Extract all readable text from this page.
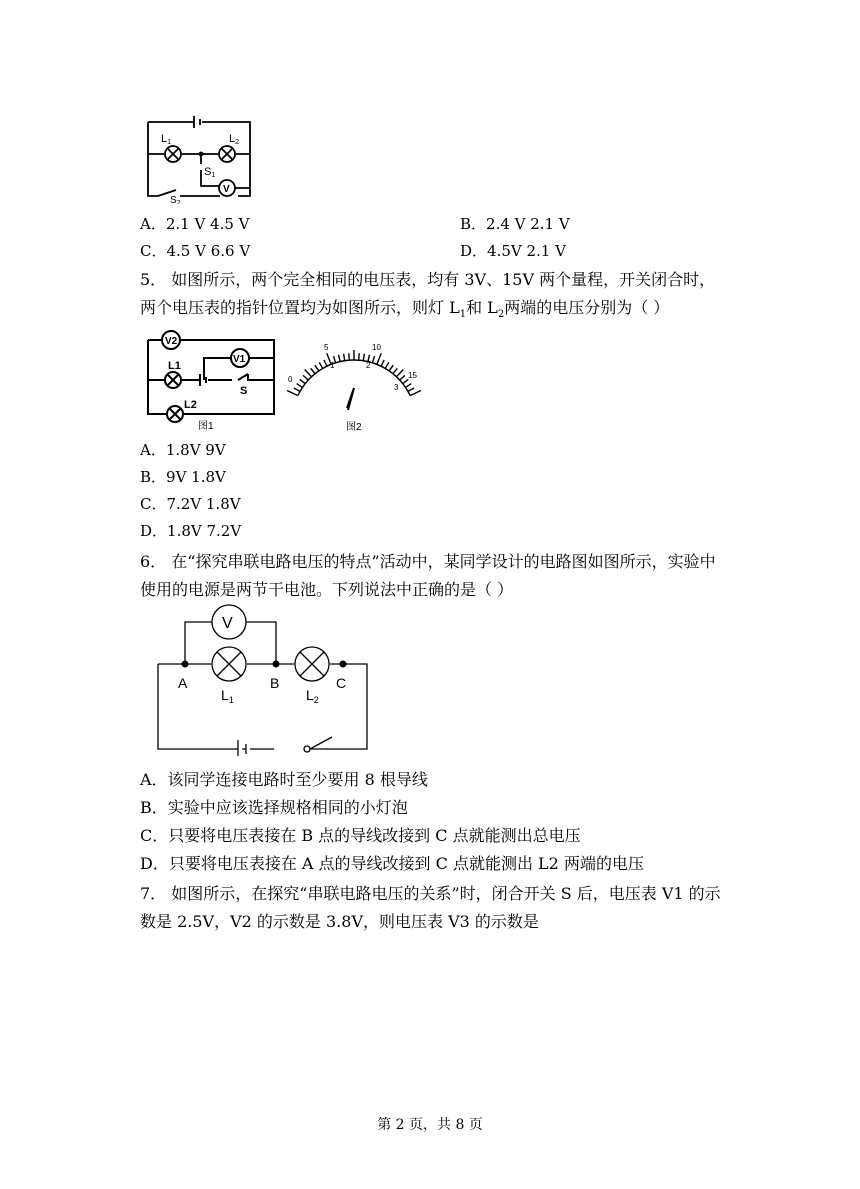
L1	L2
S1
$S_2$
V
A．2.1 V 4.5 V	B．2.4 V 2.1 V
C．4.5 V 6.6 V	D．4.5V 2.1 V
5． 如图所示，两个完全相同的电压表，均有 3V、15V 两个量程，开关闭合时，
两个电压表的指针位置均为如图所示，则灯 $L_1$和 $L_2$两端的电压分别为（ ）
V2
V1
L1
L2
S
图1
0
5	10
15
1	2
3
图2
A．1.8V 9V
B．9V 1.8V
C．7.2V 1.8V
D．1.8V 7.2V
6． 在“探究串联电路电压的特点”活动中，某同学设计的电路图如图所示，实验中
使用的电源是两节干电池。下列说法中正确的是（ ）
V
A	B	C
$L_1$	$L_2$
A．该同学连接电路时至少要用 8 根导线
B．实验中应该选择规格相同的小灯泡
C．只要将电压表接在 B 点的导线改接到 C 点就能测出总电压
D．只要将电压表接在 A 点的导线改接到 C 点就能测出 L2 两端的电压
7． 如图所示，在探究“串联电路电压的关系”时，闭合开关 S 后，电压表 V1 的示
数是 2.5V，V2 的示数是 3.8V，则电压表 V3 的示数是
第 2 页，共 8 页
